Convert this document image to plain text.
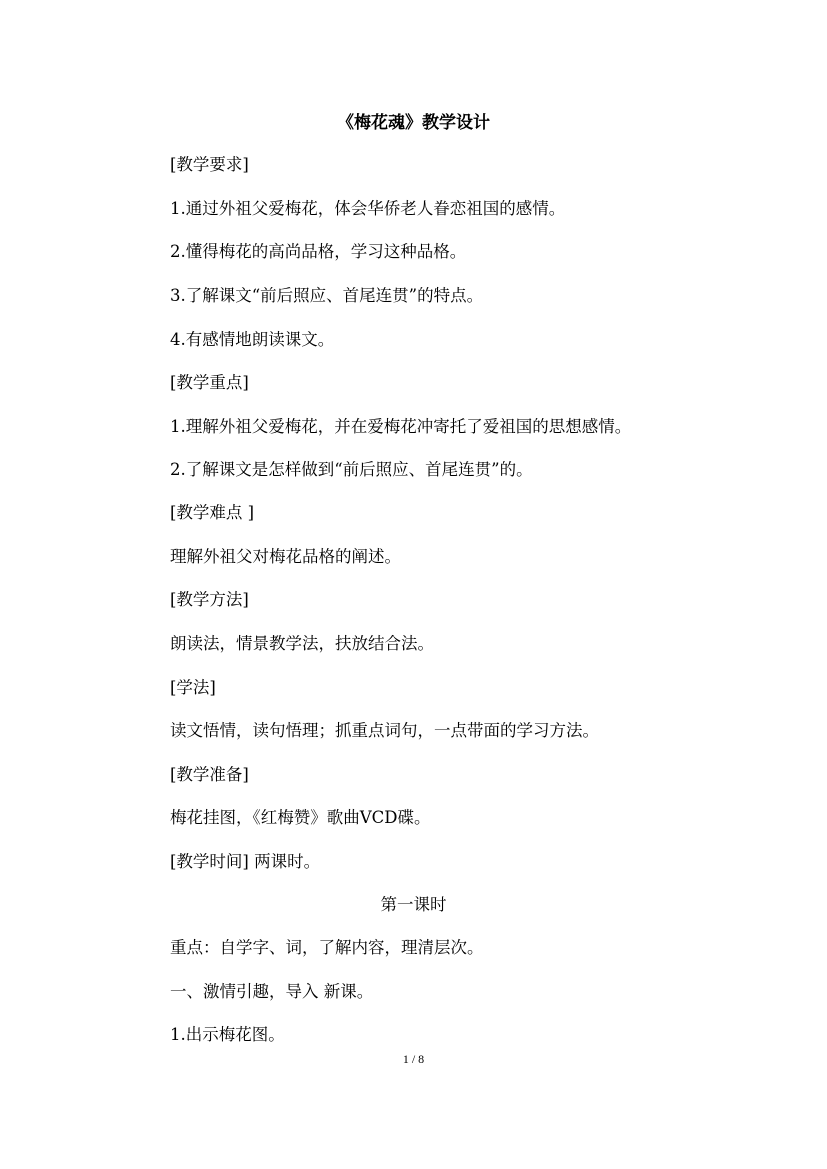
《梅花魂》教学设计
[教学要求]
1.通过外祖父爱梅花，体会华侨老人眷恋祖国的感情。
2.懂得梅花的高尚品格，学习这种品格。
3.了解课文“前后照应、首尾连贯”的特点。
4.有感情地朗读课文。
[教学重点]
1.理解外祖父爱梅花，并在爱梅花冲寄托了爱祖国的思想感情。
2.了解课文是怎样做到“前后照应、首尾连贯”的。
[教学难点 ]
理解外祖父对梅花品格的阐述。
[教学方法]
朗读法，情景教学法，扶放结合法。
[学法]
读文悟情，读句悟理；抓重点词句，一点带面的学习方法。
[教学准备]
梅花挂图，《红梅赞》歌曲VCD碟。
[教学时间] 两课时。
第一课时
重点：自学字、词，了解内容，理清层次。
一、激情引趣，导入 新课。
1.出示梅花图。
1 / 8
